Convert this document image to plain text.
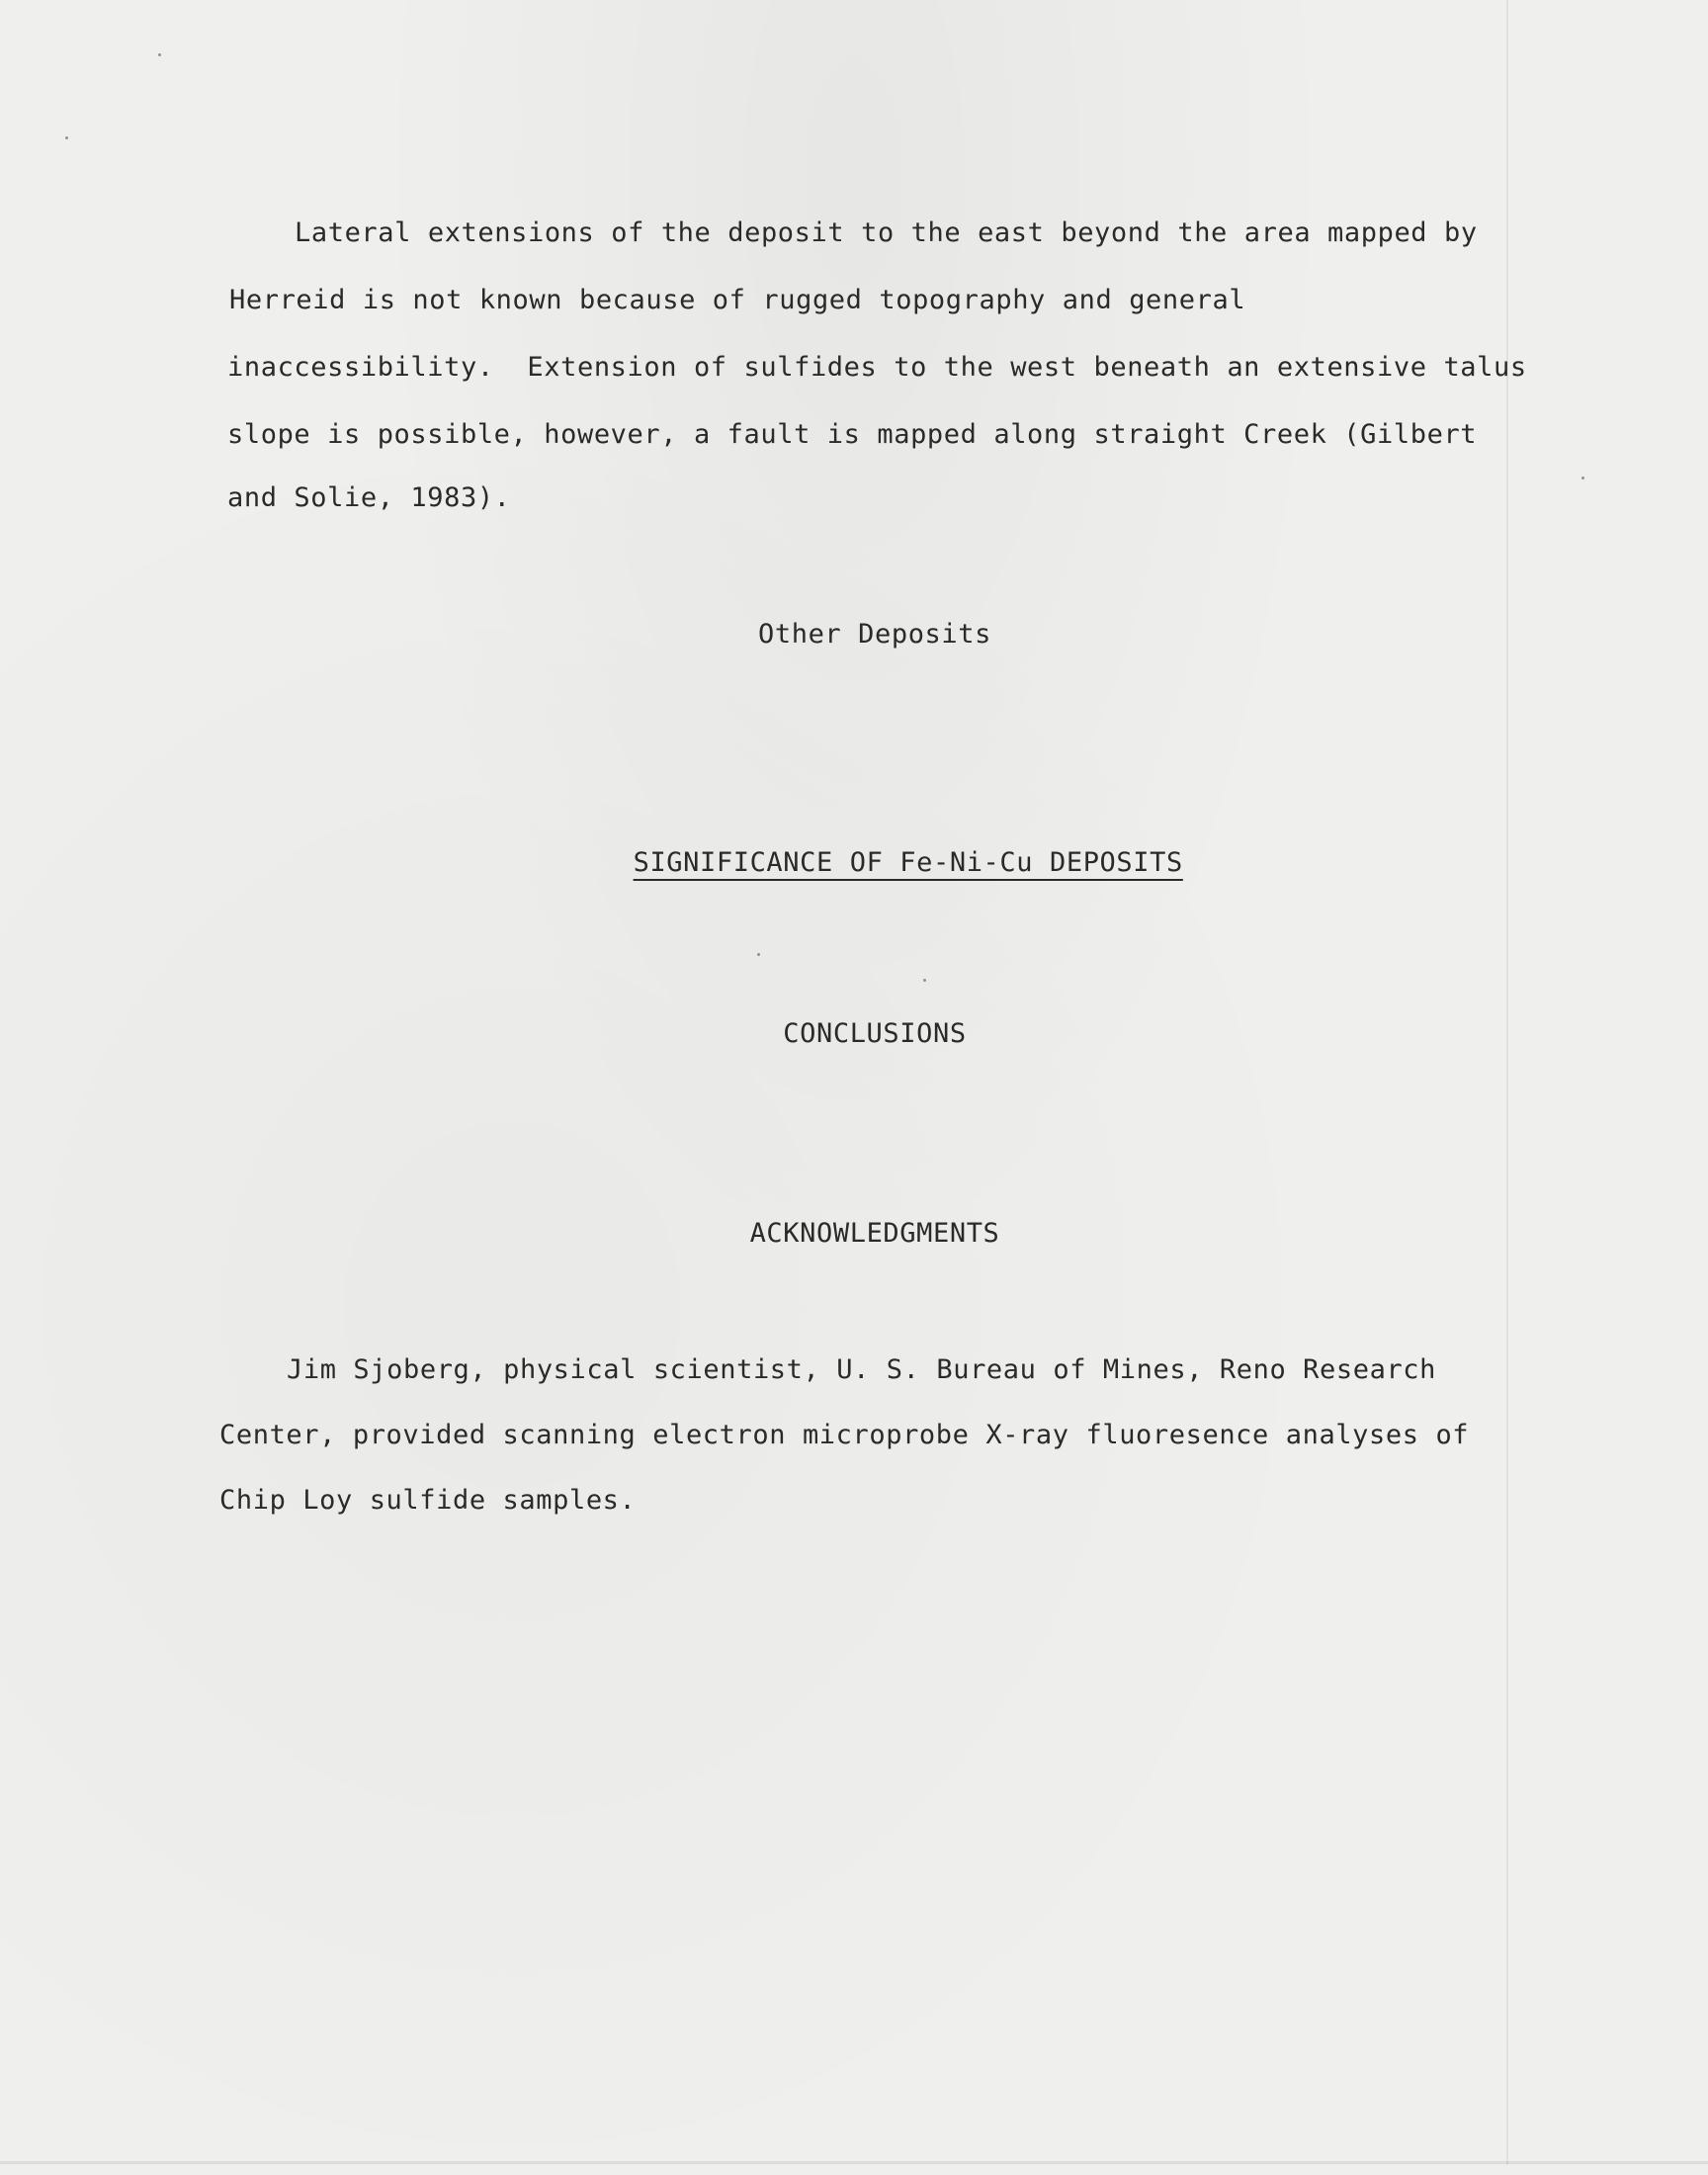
Lateral extensions of the deposit to the east beyond the area mapped by
Herreid is not known because of rugged topography and general
inaccessibility.  Extension of sulfides to the west beneath an extensive talus
slope is possible, however, a fault is mapped along straight Creek (Gilbert
and Solie, 1983).
Other Deposits

SIGNIFICANCE OF Fe-Ni-Cu DEPOSITS

CONCLUSIONS
ACKNOWLEDGMENTS
Jim Sjoberg, physical scientist, U. S. Bureau of Mines, Reno Research
Center, provided scanning electron microprobe X-ray fluoresence analyses of
Chip Loy sulfide samples.
